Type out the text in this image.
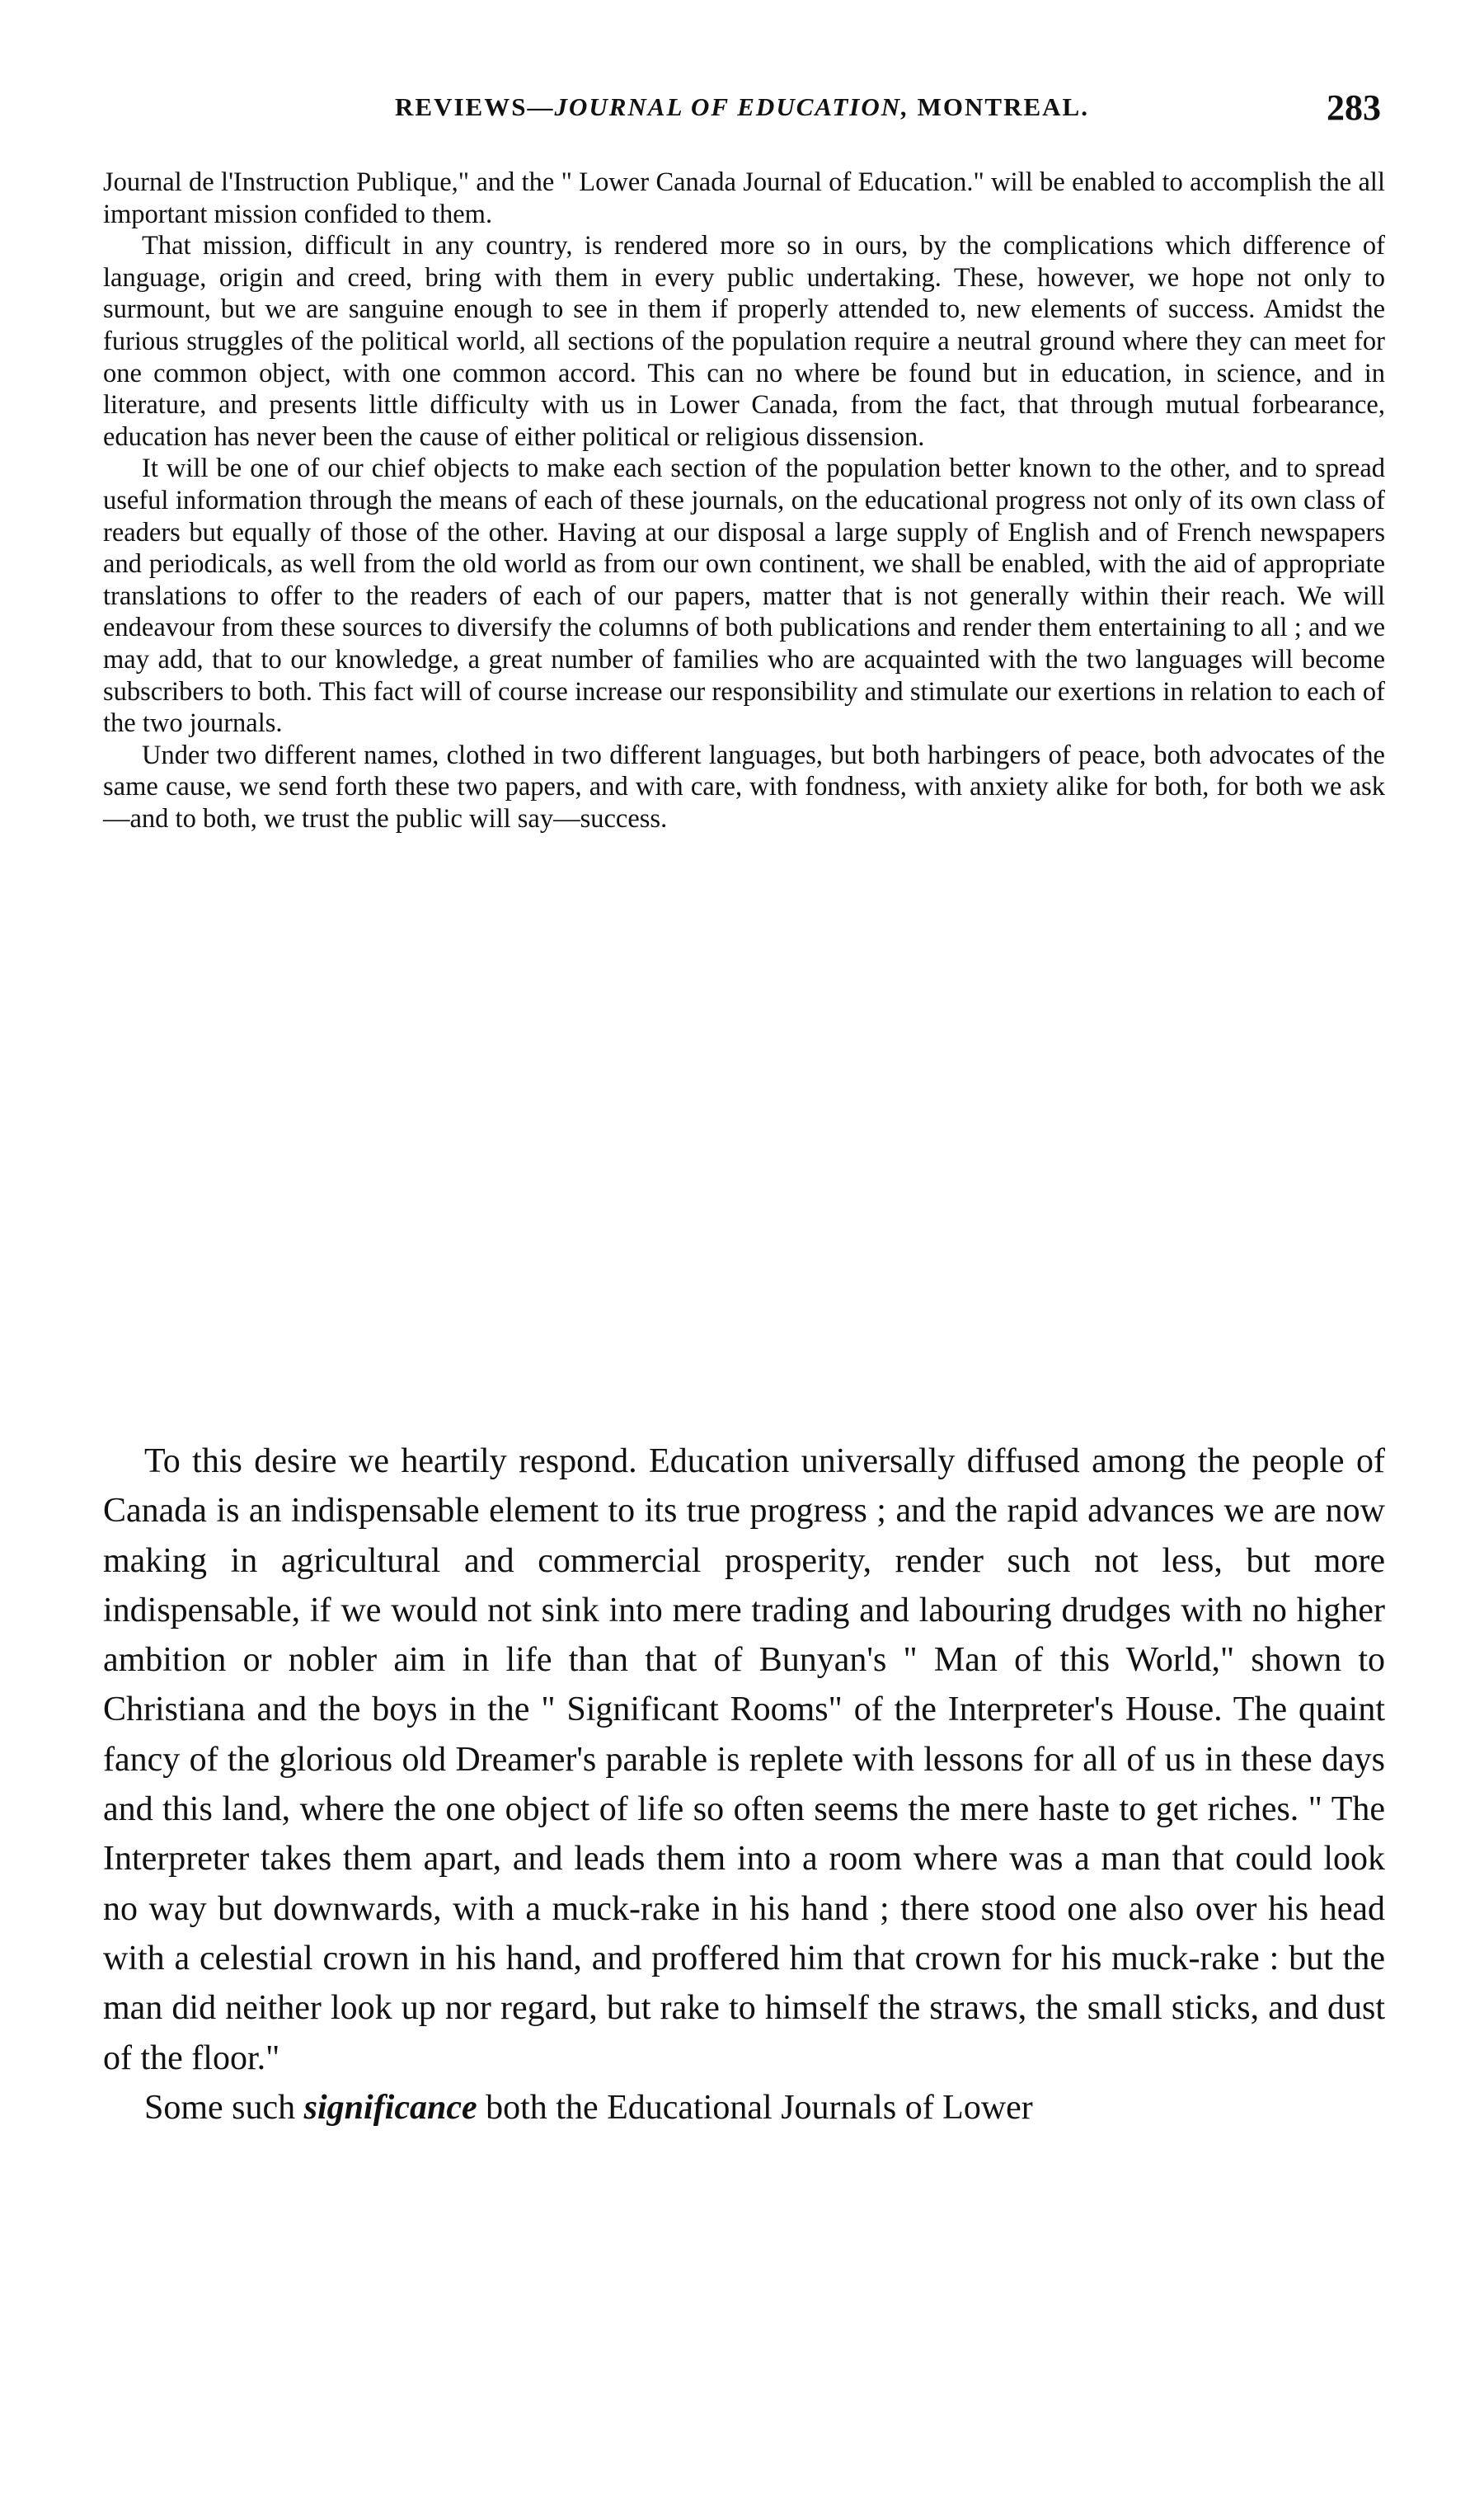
REVIEWS—JOURNAL OF EDUCATION, MONTREAL.	283

Journal de l'Instruction Publique," and the " Lower Canada Journal of Education." will be enabled to accomplish the all important mission confided to them.

That mission, difficult in any country, is rendered more so in ours, by the complications which difference of language, origin and creed, bring with them in every public undertaking. These, however, we hope not only to surmount, but we are sanguine enough to see in them if properly attended to, new elements of success. Amidst the furious struggles of the political world, all sections of the population require a neutral ground where they can meet for one common object, with one common accord. This can no where be found but in education, in science, and in literature, and presents little difficulty with us in Lower Canada, from the fact, that through mutual forbearance, education has never been the cause of either political or religious dissension.

It will be one of our chief objects to make each section of the population better known to the other, and to spread useful information through the means of each of these journals, on the educational progress not only of its own class of readers but equally of those of the other. Having at our disposal a large supply of English and of French newspapers and periodicals, as well from the old world as from our own continent, we shall be enabled, with the aid of appropriate translations to offer to the readers of each of our papers, matter that is not generally within their reach. We will endeavour from these sources to diversify the columns of both publications and render them entertaining to all ; and we may add, that to our knowledge, a great number of families who are acquainted with the two languages will become subscribers to both. This fact will of course increase our responsibility and stimulate our exertions in relation to each of the two journals.

Under two different names, clothed in two different languages, but both harbingers of peace, both advocates of the same cause, we send forth these two papers, and with care, with fondness, with anxiety alike for both, for both we ask—and to both, we trust the public will say—success.

To this desire we heartily respond. Education universally diffused among the people of Canada is an indispensable element to its true progress ; and the rapid advances we are now making in agricultural and commercial prosperity, render such not less, but more indispensable, if we would not sink into mere trading and labouring drudges with no higher ambition or nobler aim in life than that of Bunyan's " Man of this World," shown to Christiana and the boys in the " Significant Rooms" of the Interpreter's House. The quaint fancy of the glorious old Dreamer's parable is replete with lessons for all of us in these days and this land, where the one object of life so often seems the mere haste to get riches. " The Interpreter takes them apart, and leads them into a room where was a man that could look no way but downwards, with a muck-rake in his hand ; there stood one also over his head with a celestial crown in his hand, and proffered him that crown for his muck-rake : but the man did neither look up nor regard, but rake to himself the straws, the small sticks, and dust of the floor."

Some such significance both the Educational Journals of Lower
